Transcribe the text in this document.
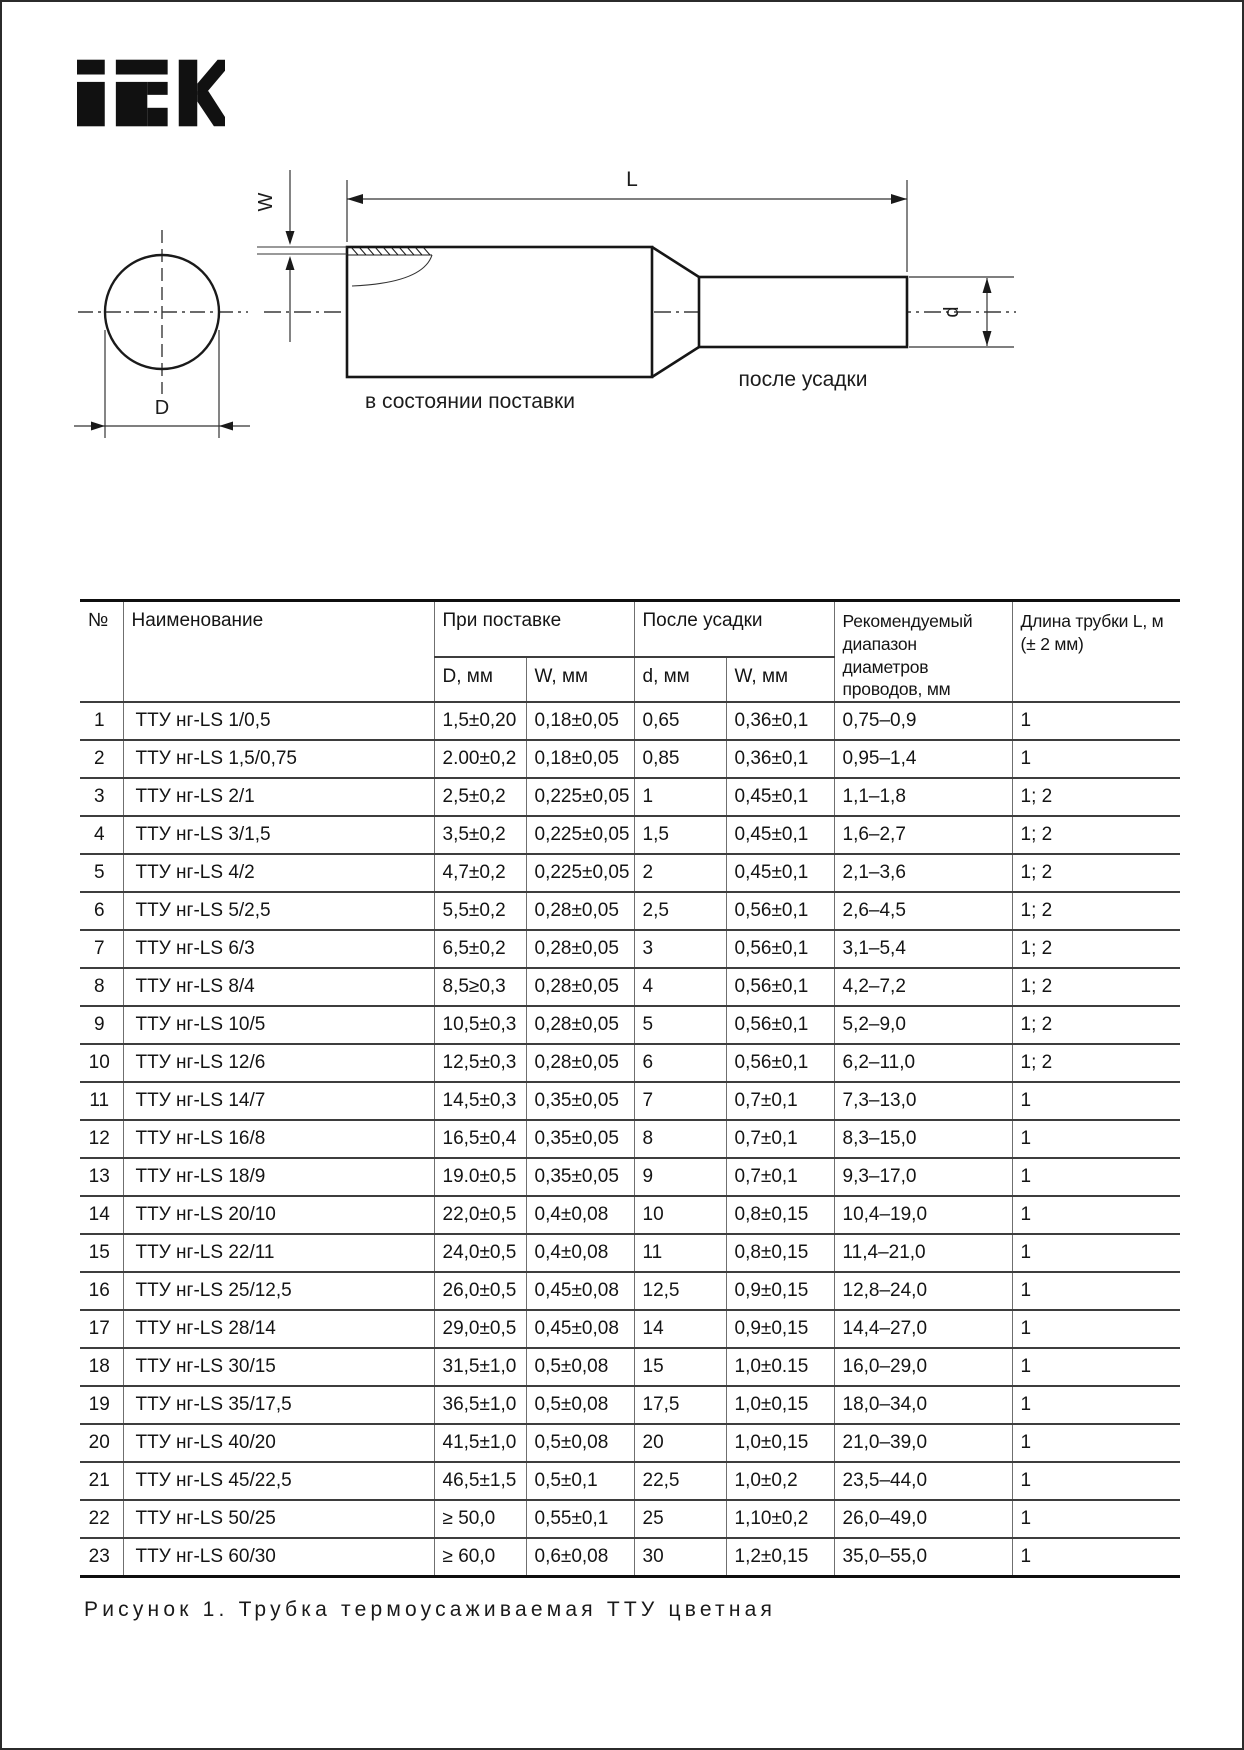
D
W
L
d
после усадки
в состоянии поставки
№	Наименование	При поставке		После усадки		Рекомендуемый диапазон диаметров проводов, мм	Длина трубки L, м (± 2 мм)
		D, мм	W, мм	d, мм	W, мм		
1	ТТУ нг-LS 1/0,5	1,5±0,20	0,18±0,05	0,65	0,36±0,1	0,75–0,9	1
2	ТТУ нг-LS 1,5/0,75	2.00±0,2	0,18±0,05	0,85	0,36±0,1	0,95–1,4	1
3	ТТУ нг-LS 2/1	2,5±0,2	0,225±0,05	1	0,45±0,1	1,1–1,8	1; 2
4	ТТУ нг-LS 3/1,5	3,5±0,2	0,225±0,05	1,5	0,45±0,1	1,6–2,7	1; 2
5	ТТУ нг-LS 4/2	4,7±0,2	0,225±0,05	2	0,45±0,1	2,1–3,6	1; 2
6	ТТУ нг-LS 5/2,5	5,5±0,2	0,28±0,05	2,5	0,56±0,1	2,6–4,5	1; 2
7	ТТУ нг-LS 6/3	6,5±0,2	0,28±0,05	3	0,56±0,1	3,1–5,4	1; 2
8	ТТУ нг-LS 8/4	8,5≥0,3	0,28±0,05	4	0,56±0,1	4,2–7,2	1; 2
9	ТТУ нг-LS 10/5	10,5±0,3	0,28±0,05	5	0,56±0,1	5,2–9,0	1; 2
10	ТТУ нг-LS 12/6	12,5±0,3	0,28±0,05	6	0,56±0,1	6,2–11,0	1; 2
11	ТТУ нг-LS 14/7	14,5±0,3	0,35±0,05	7	0,7±0,1	7,3–13,0	1
12	ТТУ нг-LS 16/8	16,5±0,4	0,35±0,05	8	0,7±0,1	8,3–15,0	1
13	ТТУ нг-LS 18/9	19.0±0,5	0,35±0,05	9	0,7±0,1	9,3–17,0	1
14	ТТУ нг-LS 20/10	22,0±0,5	0,4±0,08	10	0,8±0,15	10,4–19,0	1
15	ТТУ нг-LS 22/11	24,0±0,5	0,4±0,08	11	0,8±0,15	11,4–21,0	1
16	ТТУ нг-LS 25/12,5	26,0±0,5	0,45±0,08	12,5	0,9±0,15	12,8–24,0	1
17	ТТУ нг-LS 28/14	29,0±0,5	0,45±0,08	14	0,9±0,15	14,4–27,0	1
18	ТТУ нг-LS 30/15	31,5±1,0	0,5±0,08	15	1,0±0.15	16,0–29,0	1
19	ТТУ нг-LS 35/17,5	36,5±1,0	0,5±0,08	17,5	1,0±0,15	18,0–34,0	1
20	ТТУ нг-LS 40/20	41,5±1,0	0,5±0,08	20	1,0±0,15	21,0–39,0	1
21	ТТУ нг-LS 45/22,5	46,5±1,5	0,5±0,1	22,5	1,0±0,2	23,5–44,0	1
22	ТТУ нг-LS 50/25	≥ 50,0	0,55±0,1	25	1,10±0,2	26,0–49,0	1
23	ТТУ нг-LS 60/30	≥ 60,0	0,6±0,08	30	1,2±0,15	35,0–55,0	1
Рисунок 1. Трубка термоусаживаемая ТТУ цветная
